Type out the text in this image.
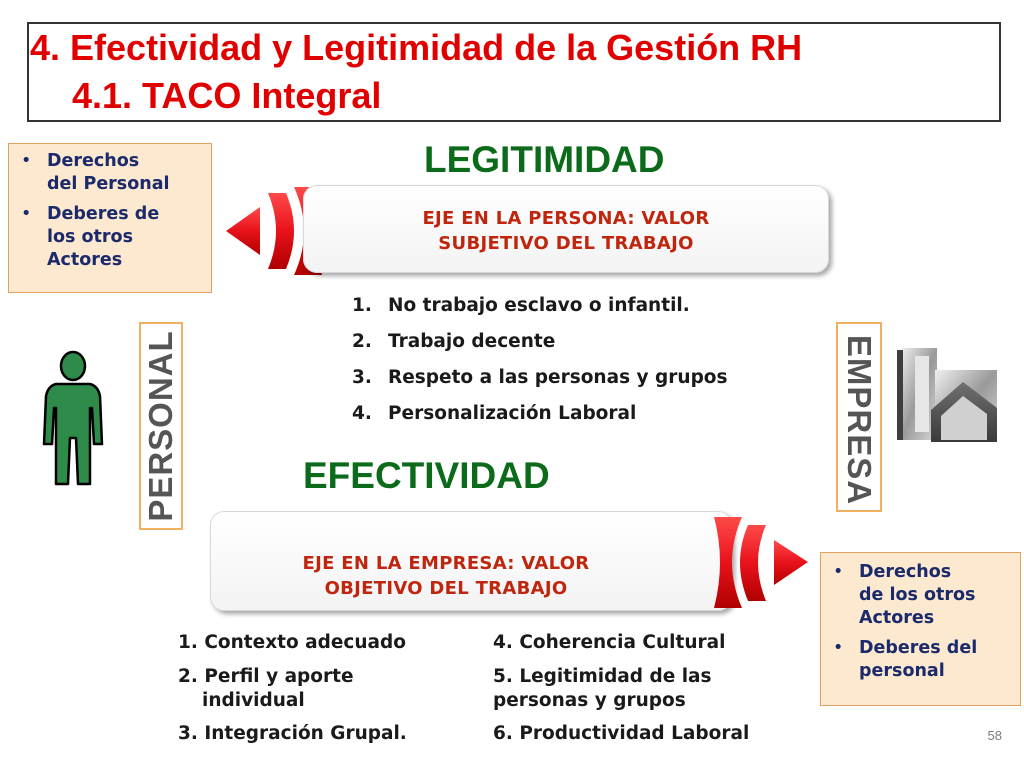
4. Efectividad y Legitimidad de la Gestión RH
4.1. TACO Integral
• Derechos
del Personal
• Deberes de
los otros
Actores
LEGITIMIDAD
EJE EN LA PERSONA: VALOR
SUBJETIVO DEL TRABAJO
1. No trabajo esclavo o infantil.
2. Trabajo decente
3. Respeto a las personas y grupos
4. Personalización Laboral
PERSONAL	EMPRESA
EFECTIVIDAD
EJE EN LA EMPRESA: VALOR
OBJETIVO DEL TRABAJO
• Derechos
de los otros
Actores
• Deberes del
personal
1. Contexto adecuado
2. Perfil y aporte
individual
3. Integración Grupal.
4. Coherencia Cultural
5. Legitimidad de las
personas y grupos
6. Productividad Laboral	58
